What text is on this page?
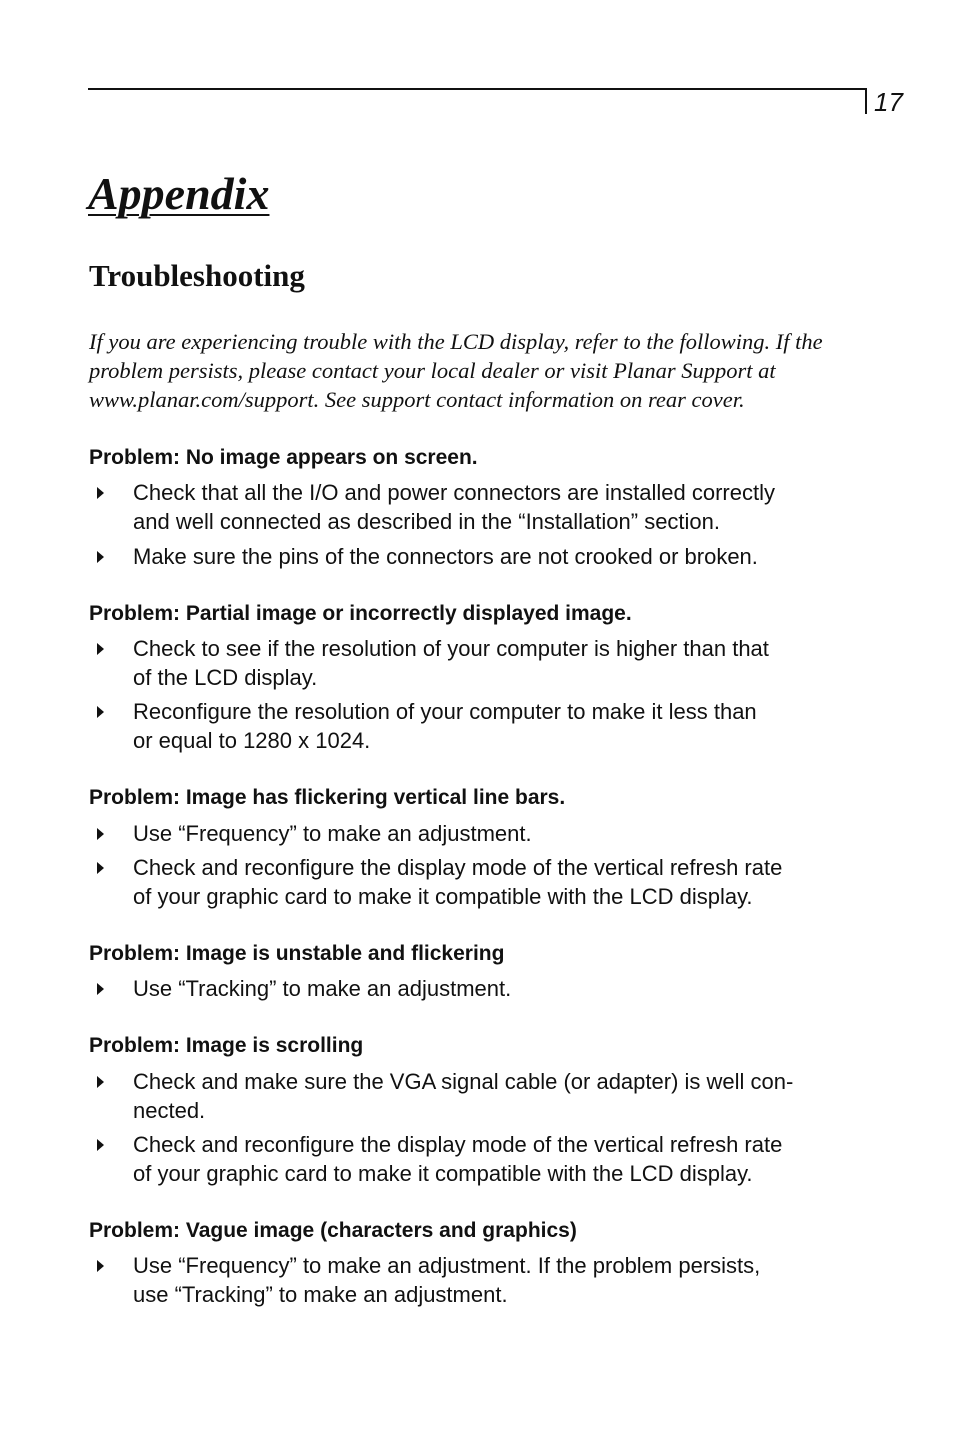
17
Appendix
Troubleshooting

If you are experiencing trouble with the LCD display, refer to the following. If the problem persists, please contact your local dealer or visit Planar Support at www.planar.com/support. See support contact information on rear cover.

Problem: No image appears on screen.

Check that all the I/O and power connectors are installed correctly
and well connected as described in the “Installation” section.

Make sure the pins of the connectors are not crooked or broken.

Problem: Partial image or incorrectly displayed image.

Check to see if the resolution of your computer is higher than that
of the LCD display.

Reconfigure the resolution of your computer to make it less than
or equal to 1280 x 1024.

Problem: Image has flickering vertical line bars.

Use “Frequency” to make an adjustment.

Check and reconfigure the display mode of the vertical refresh rate
of your graphic card to make it compatible with the LCD display.

Problem: Image is unstable and flickering

Use “Tracking” to make an adjustment.

Problem: Image is scrolling

Check and make sure the VGA signal cable (or adapter) is well con-
nected.

Check and reconfigure the display mode of the vertical refresh rate
of your graphic card to make it compatible with the LCD display.

Problem: Vague image (characters and graphics)

Use “Frequency” to make an adjustment. If the problem persists,
use “Tracking” to make an adjustment.
